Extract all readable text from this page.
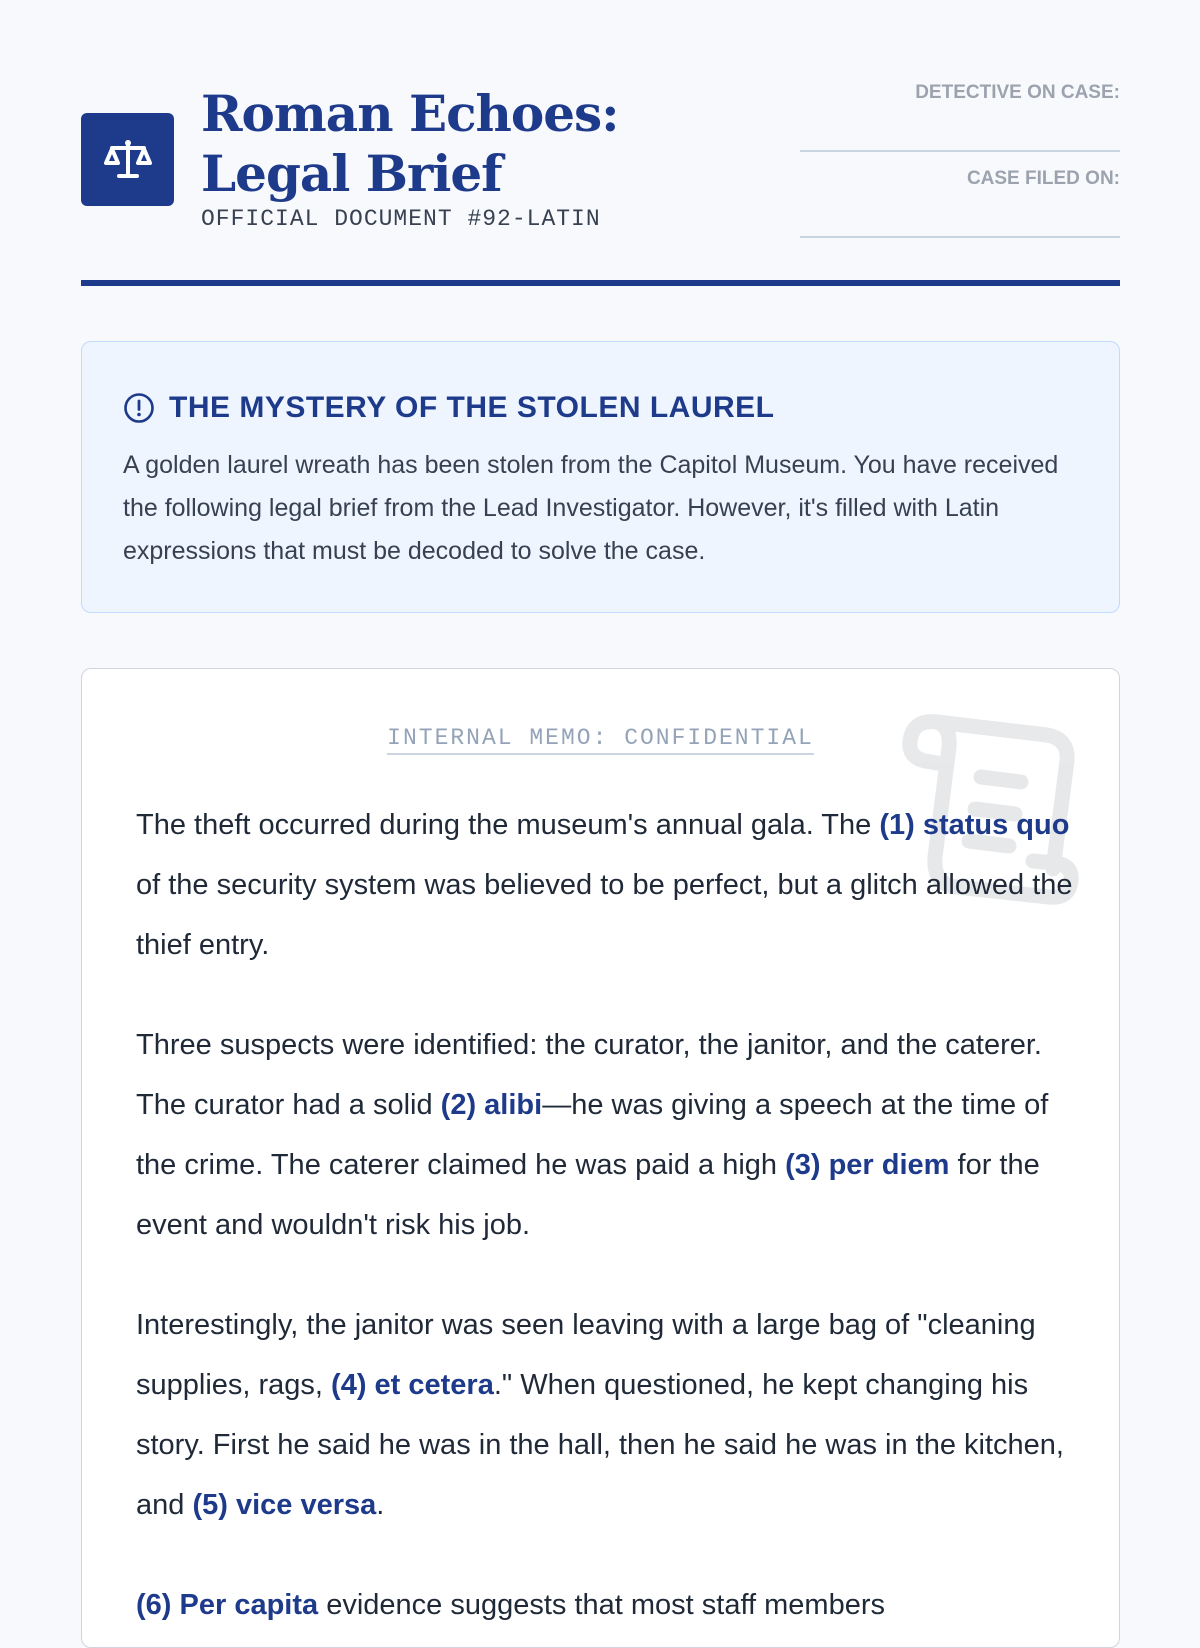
Roman Echoes: Legal Brief
OFFICIAL DOCUMENT #92-LATIN
DETECTIVE ON CASE:
CASE FILED ON:
THE MYSTERY OF THE STOLEN LAUREL

A golden laurel wreath has been stolen from the Capitol Museum. You have received the following legal brief from the Lead Investigator. However, it's filled with Latin expressions that must be decoded to solve the case.

INTERNAL MEMO: CONFIDENTIAL

The theft occurred during the museum's annual gala. The (1) status quo of the security system was believed to be perfect, but a glitch allowed the thief entry.

Three suspects were identified: the curator, the janitor, and the caterer. The curator had a solid (2) alibi—he was giving a speech at the time of the crime. The caterer claimed he was paid a high (3) per diem for the event and wouldn't risk his job.

Interestingly, the janitor was seen leaving with a large bag of "cleaning supplies, rags, (4) et cetera." When questioned, he kept changing his story. First he said he was in the hall, then he said he was in the kitchen, and (5) vice versa.

(6) Per capita evidence suggests that most staff members
